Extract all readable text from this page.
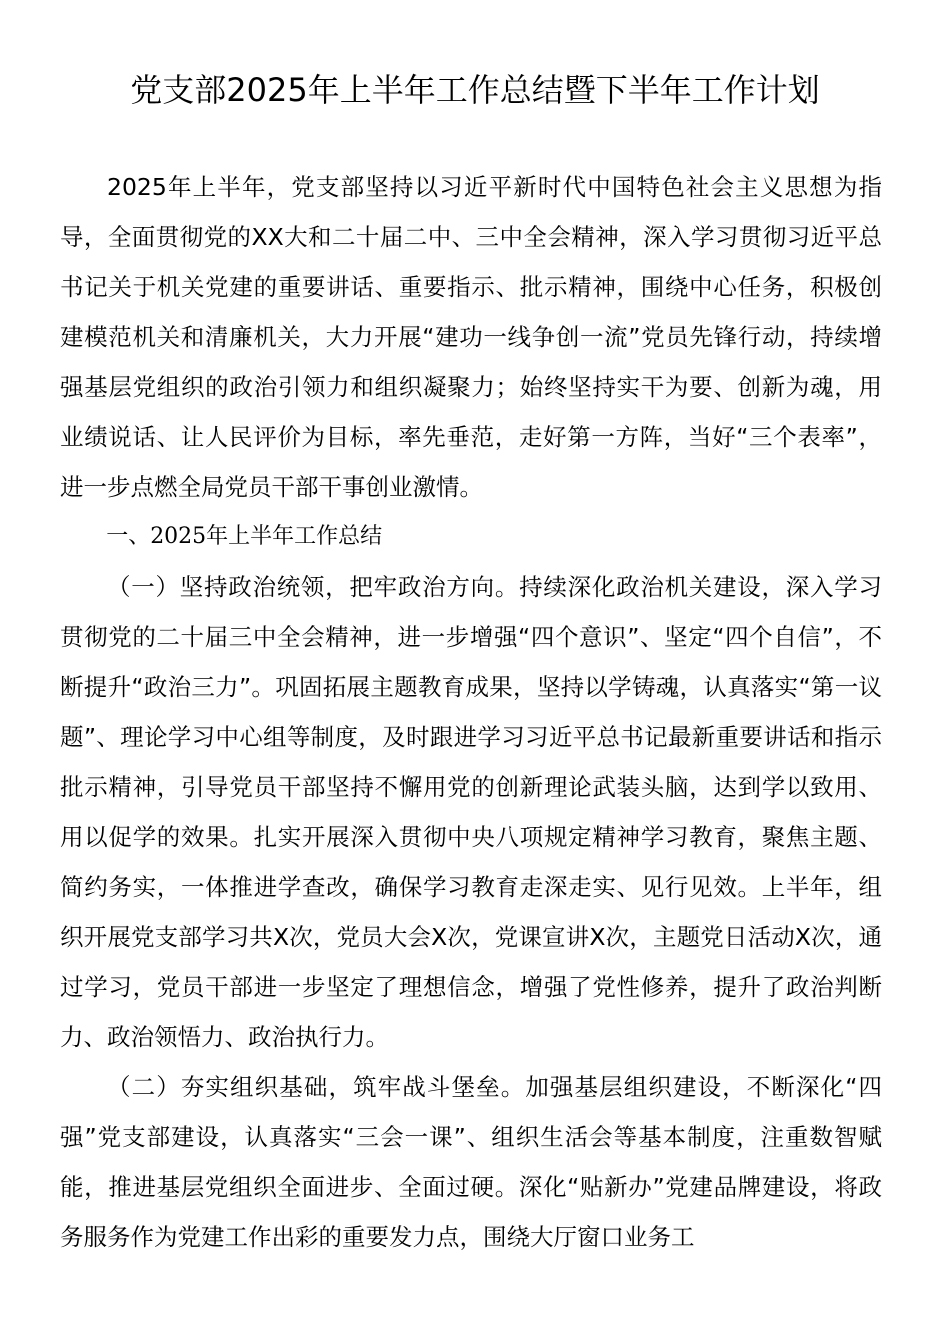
党支部2025年上半年工作总结暨下半年工作计划

2025年上半年，党支部坚持以习近平新时代中国特色社会主义思想为指导，全面贯彻党的XX大和二十届二中、三中全会精神，深入学习贯彻习近平总书记关于机关党建的重要讲话、重要指示、批示精神，围绕中心任务，积极创建模范机关和清廉机关，大力开展“建功一线争创一流”党员先锋行动，持续增强基层党组织的政治引领力和组织凝聚力；始终坚持实干为要、创新为魂，用业绩说话、让人民评价为目标，率先垂范，走好第一方阵，当好“三个表率”，进一步点燃全局党员干部干事创业激情。

一、2025年上半年工作总结

（一）坚持政治统领，把牢政治方向。持续深化政治机关建设，深入学习贯彻党的二十届三中全会精神，进一步增强“四个意识”、坚定“四个自信”，不断提升“政治三力”。巩固拓展主题教育成果，坚持以学铸魂，认真落实“第一议题”、理论学习中心组等制度，及时跟进学习习近平总书记最新重要讲话和指示批示精神，引导党员干部坚持不懈用党的创新理论武装头脑，达到学以致用、用以促学的效果。扎实开展深入贯彻中央八项规定精神学习教育，聚焦主题、简约务实，一体推进学查改，确保学习教育走深走实、见行见效。上半年，组织开展党支部学习共X次，党员大会X次，党课宣讲X次，主题党日活动X次，通过学习，党员干部进一步坚定了理想信念，增强了党性修养，提升了政治判断力、政治领悟力、政治执行力。

（二）夯实组织基础，筑牢战斗堡垒。加强基层组织建设，不断深化“四强”党支部建设，认真落实“三会一课”、组织生活会等基本制度，注重数智赋能，推进基层党组织全面进步、全面过硬。深化“贴新办”党建品牌建设，将政务服务作为党建工作出彩的重要发力点，围绕大厅窗口业务工
